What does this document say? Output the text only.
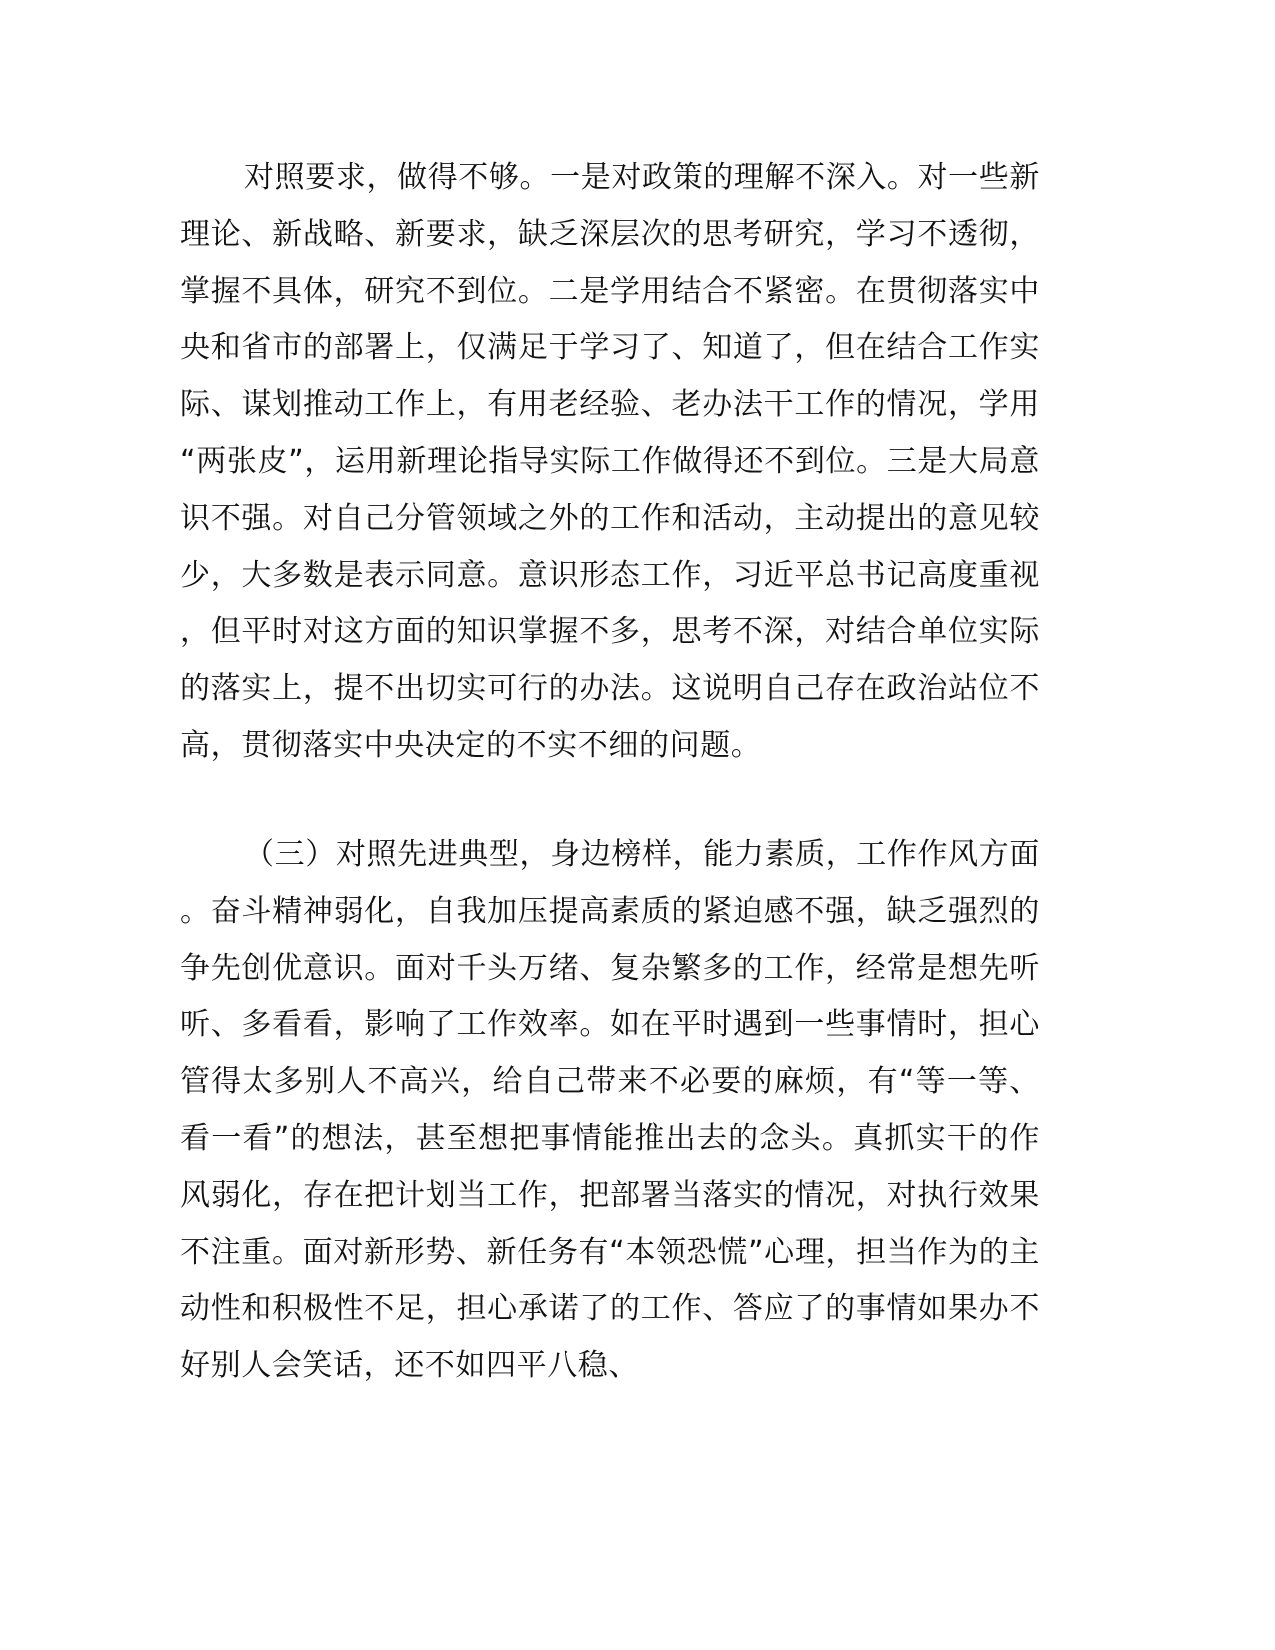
对照要求，做得不够。一是对政策的理解不深入。对一些新理论、新战略、新要求，缺乏深层次的思考研究，学习不透彻，掌握不具体，研究不到位。二是学用结合不紧密。在贯彻落实中央和省市的部署上，仅满足于学习了、知道了，但在结合工作实际、谋划推动工作上，有用老经验、老办法干工作的情况，学用“两张皮”，运用新理论指导实际工作做得还不到位。三是大局意识不强。对自己分管领域之外的工作和活动，主动提出的意见较少，大多数是表示同意。意识形态工作，习近平总书记高度重视，但平时对这方面的知识掌握不多，思考不深，对结合单位实际的落实上，提不出切实可行的办法。这说明自己存在政治站位不高，贯彻落实中央决定的不实不细的问题。

（三）对照先进典型，身边榜样，能力素质，工作作风方面。奋斗精神弱化，自我加压提高素质的紧迫感不强，缺乏强烈的争先创优意识。面对千头万绪、复杂繁多的工作，经常是想先听听、多看看，影响了工作效率。如在平时遇到一些事情时，担心管得太多别人不高兴，给自己带来不必要的麻烦，有“等一等、看一看”的想法，甚至想把事情能推出去的念头。真抓实干的作风弱化，存在把计划当工作，把部署当落实的情况，对执行效果不注重。面对新形势、新任务有“本领恐慌”心理，担当作为的主动性和积极性不足，担心承诺了的工作、答应了的事情如果办不好别人会笑话，还不如四平八稳、
